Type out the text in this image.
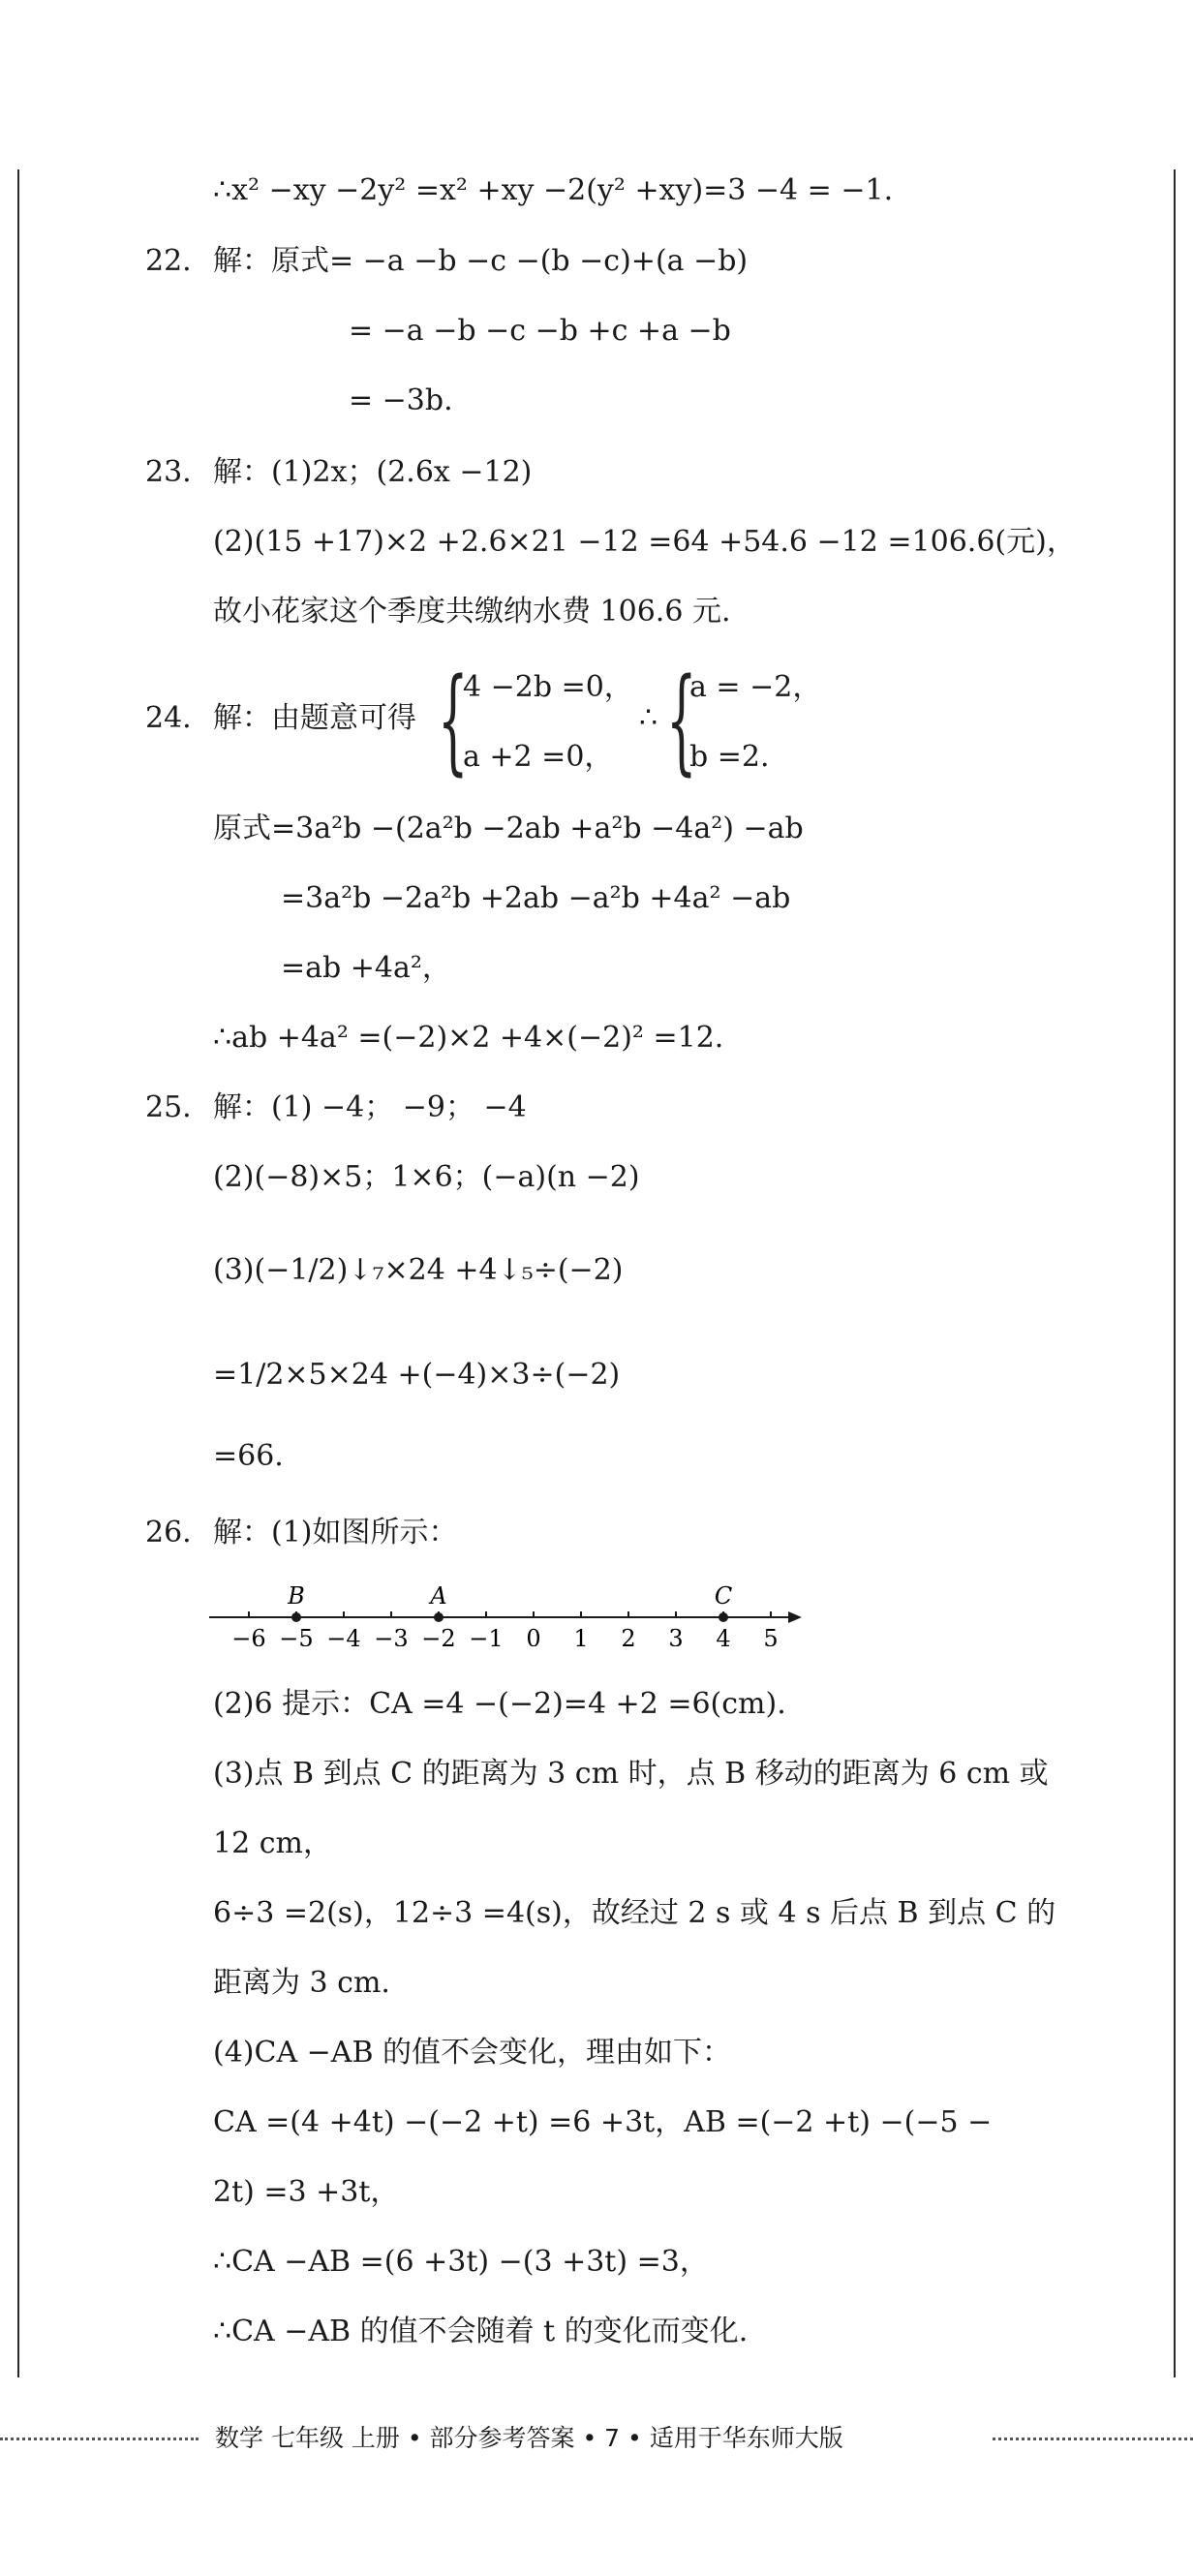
∴x² −xy −2y² =x² +xy −2(y² +xy)=3 −4 = −1.
22. 解：原式= −a −b −c −(b −c)+(a −b)
= −a −b −c −b +c +a −b
= −3b.
23. 解：(1)2x；(2.6x −12)
(2)(15 +17)×2 +2.6×21 −12 =64 +54.6 −12 =106.6(元)，
故小花家这个季度共缴纳水费 106.6 元.
24. 解：由题意可得 {
4 −2b =0，
a +2 =0，
∴ {
a = −2，
b =2.
原式=3a²b −(2a²b −2ab +a²b −4a²) −ab
=3a²b −2a²b +2ab −a²b +4a² −ab
=ab +4a²，
∴ab +4a² =(−2)×2 +4×(−2)² =12.
25. 解：(1) −4； −9； −4
(2)(−8)×5；1×6；(−a)(n −2)
(3)(−1/2)↓₇×24 +4↓₅÷(−2)
=1/2×5×24 +(−4)×3÷(−2)
=66.
26. 解：(1)如图所示：
−6 −5 −4 −3 −2 −1 0 1 2 3 4 5
B	A	C
(2)6 提示：CA =4 −(−2)=4 +2 =6(cm).
(3)点 B 到点 C 的距离为 3 cm 时，点 B 移动的距离为 6 cm 或
12 cm，
6÷3 =2(s)，12÷3 =4(s)，故经过 2 s 或 4 s 后点 B 到点 C 的
距离为 3 cm.
(4)CA −AB 的值不会变化，理由如下：
CA =(4 +4t) −(−2 +t) =6 +3t，AB =(−2 +t) −(−5 −
2t) =3 +3t，
∴CA −AB =(6 +3t) −(3 +3t) =3，
∴CA −AB 的值不会随着 t 的变化而变化.
数学 七年级 上册 • 部分参考答案 • 7 • 适用于华东师大版
